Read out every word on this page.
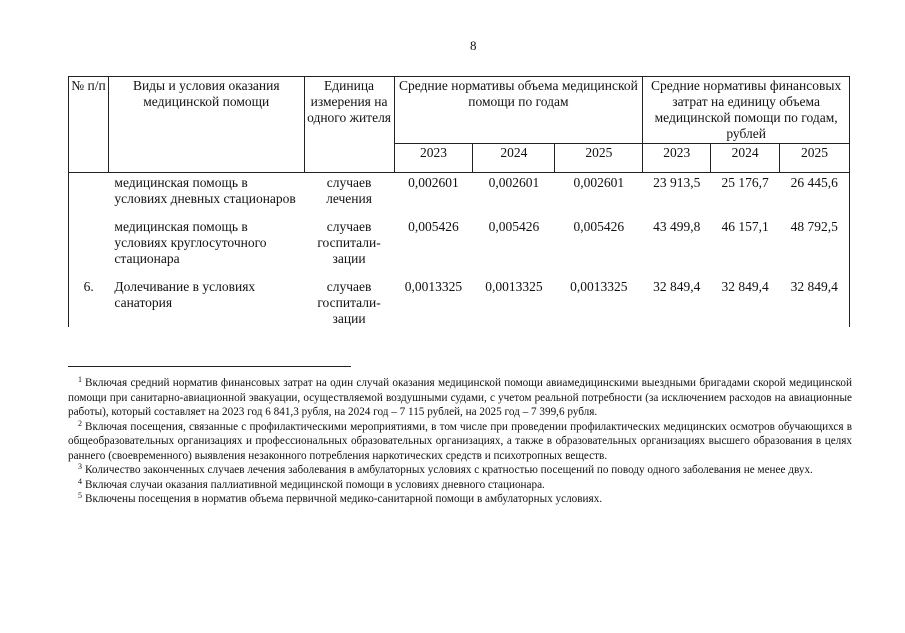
8
№ п/п	Виды и условия оказания медицинской помощи	Единица измерения на одного жителя	Средние нормативы объема медицинской помощи по годам			Средние нормативы финансовых затрат на единицу объема медицинской помощи по годам, рублей		
			2023	2024	2025	2023	2024	2025
	медицинская помощь в условиях дневных стационаров	случаев лечения	0,002601	0,002601	0,002601	23 913,5	25 176,7	26 445,6

	медицинская помощь в условиях круглосуточного стационара	случаев госпитали-зации	0,005426	0,005426	0,005426	43 499,8	46 157,1	48 792,5

6.	Долечивание в условиях санатория	случаев госпитали-зации	0,0013325	0,0013325	0,0013325	32 849,4	32 849,4	32 849,4

$^1$ Включая средний норматив финансовых затрат на один случай оказания медицинской помощи авиамедицинскими выездными бригадами скорой медицинской помощи при санитарно-авиационной эвакуации, осуществляемой воздушными судами, с учетом реальной потребности (за исключением расходов на авиационные работы), который составляет на 2023 год 6 841,3 рубля, на 2024 год – 7 115 рублей, на 2025 год – 7 399,6 рубля.

$^2$ Включая посещения, связанные с профилактическими мероприятиями, в том числе при проведении профилактических медицинских осмотров обучающихся в общеобразовательных организациях и профессиональных образовательных организациях, а также в образовательных организациях высшего образования в целях раннего (своевременного) выявления незаконного потребления наркотических средств и психотропных веществ.

$^3$ Количество законченных случаев лечения заболевания в амбулаторных условиях с кратностью посещений по поводу одного заболевания не менее двух.

$^4$ Включая случаи оказания паллиативной медицинской помощи в условиях дневного стационара.

$^5$ Включены посещения в норматив объема первичной медико-санитарной помощи в амбулаторных условиях.
